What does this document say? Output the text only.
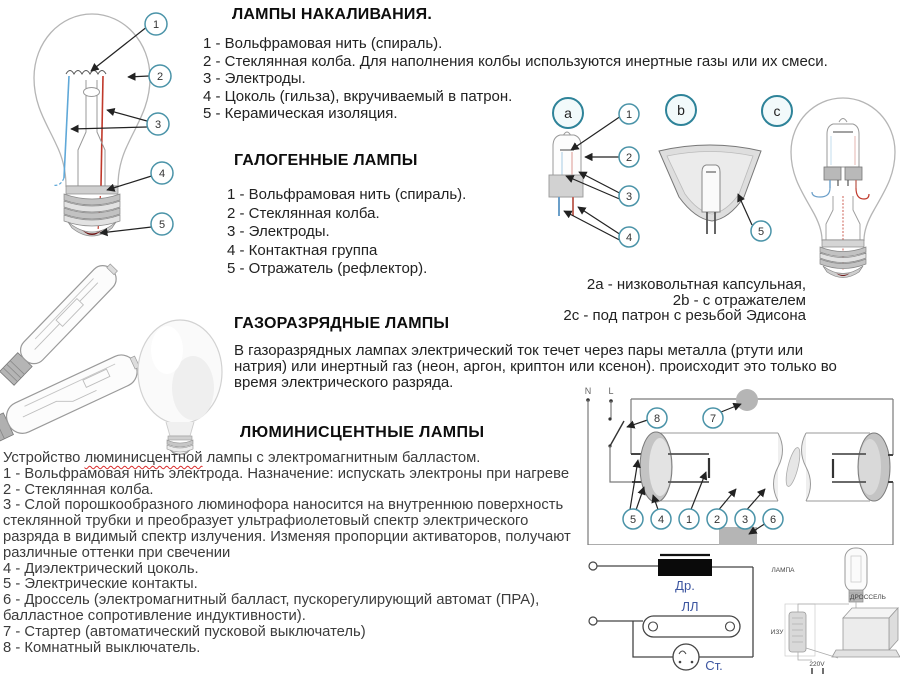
1
2
3
4
5
ЛАМПЫ НАКАЛИВАНИЯ.
1 - Вольфрамовая нить (спираль).
2 - Стеклянная колба. Для наполнения колбы используются инертные газы или их смеси.
3 - Электроды.
4 - Цоколь (гильза), вкручиваемый в патрон.
5 - Керамическая изоляция.
ГАЛОГЕННЫЕ ЛАМПЫ
1 - Вольфрамовая нить (спираль).
2 - Стеклянная колба.
3 - Электроды.
4 - Контактная группа
5 - Отражатель (рефлектор).
a	b	c
1
2
3
4	5
2a - низковольтная капсульная,
2b - с отражателем
2c - под патрон с резьбой Эдисона
ГАЗОРАЗРЯДНЫЕ ЛАМПЫ
В газоразрядных лампах электрический ток течет через пары металла (ртути или натрия) или инертный газ (неон, аргон, криптон или ксенон). происходит это только во время электрического разряда.
ЛЮМИНИСЦЕНТНЫЕ ЛАМПЫ
Устройство люминисцентной лампы с электромагнитным балластом.
1 - Вольфрамовая нить электрода. Назначение: испускать электроны при нагреве
2 - Стеклянная колба.
3 - Слой порошкообразного люминофора наносится на внутреннюю поверхность стеклянной трубки и преобразует ультрафиолетовый спектр электрического разряда в видимый спектр излучения. Изменяя пропорции активаторов, получают различные оттенки при свечении
4 - Диэлектрический цоколь.
5 - Электрические контакты.
6 - Дроссель (электромагнитный балласт, пускорегулирующий автомат (ПРА), балластное сопротивление индуктивности).
7 - Стартер (автоматический пусковой выключатель)
8 - Комнатный выключатель.
N L
8	7
5 4 1 2 3 6
Др.
ЛЛ
Ст.
ЛАМПА
ИЗУ
ДРОССЕЛЬ
220V
